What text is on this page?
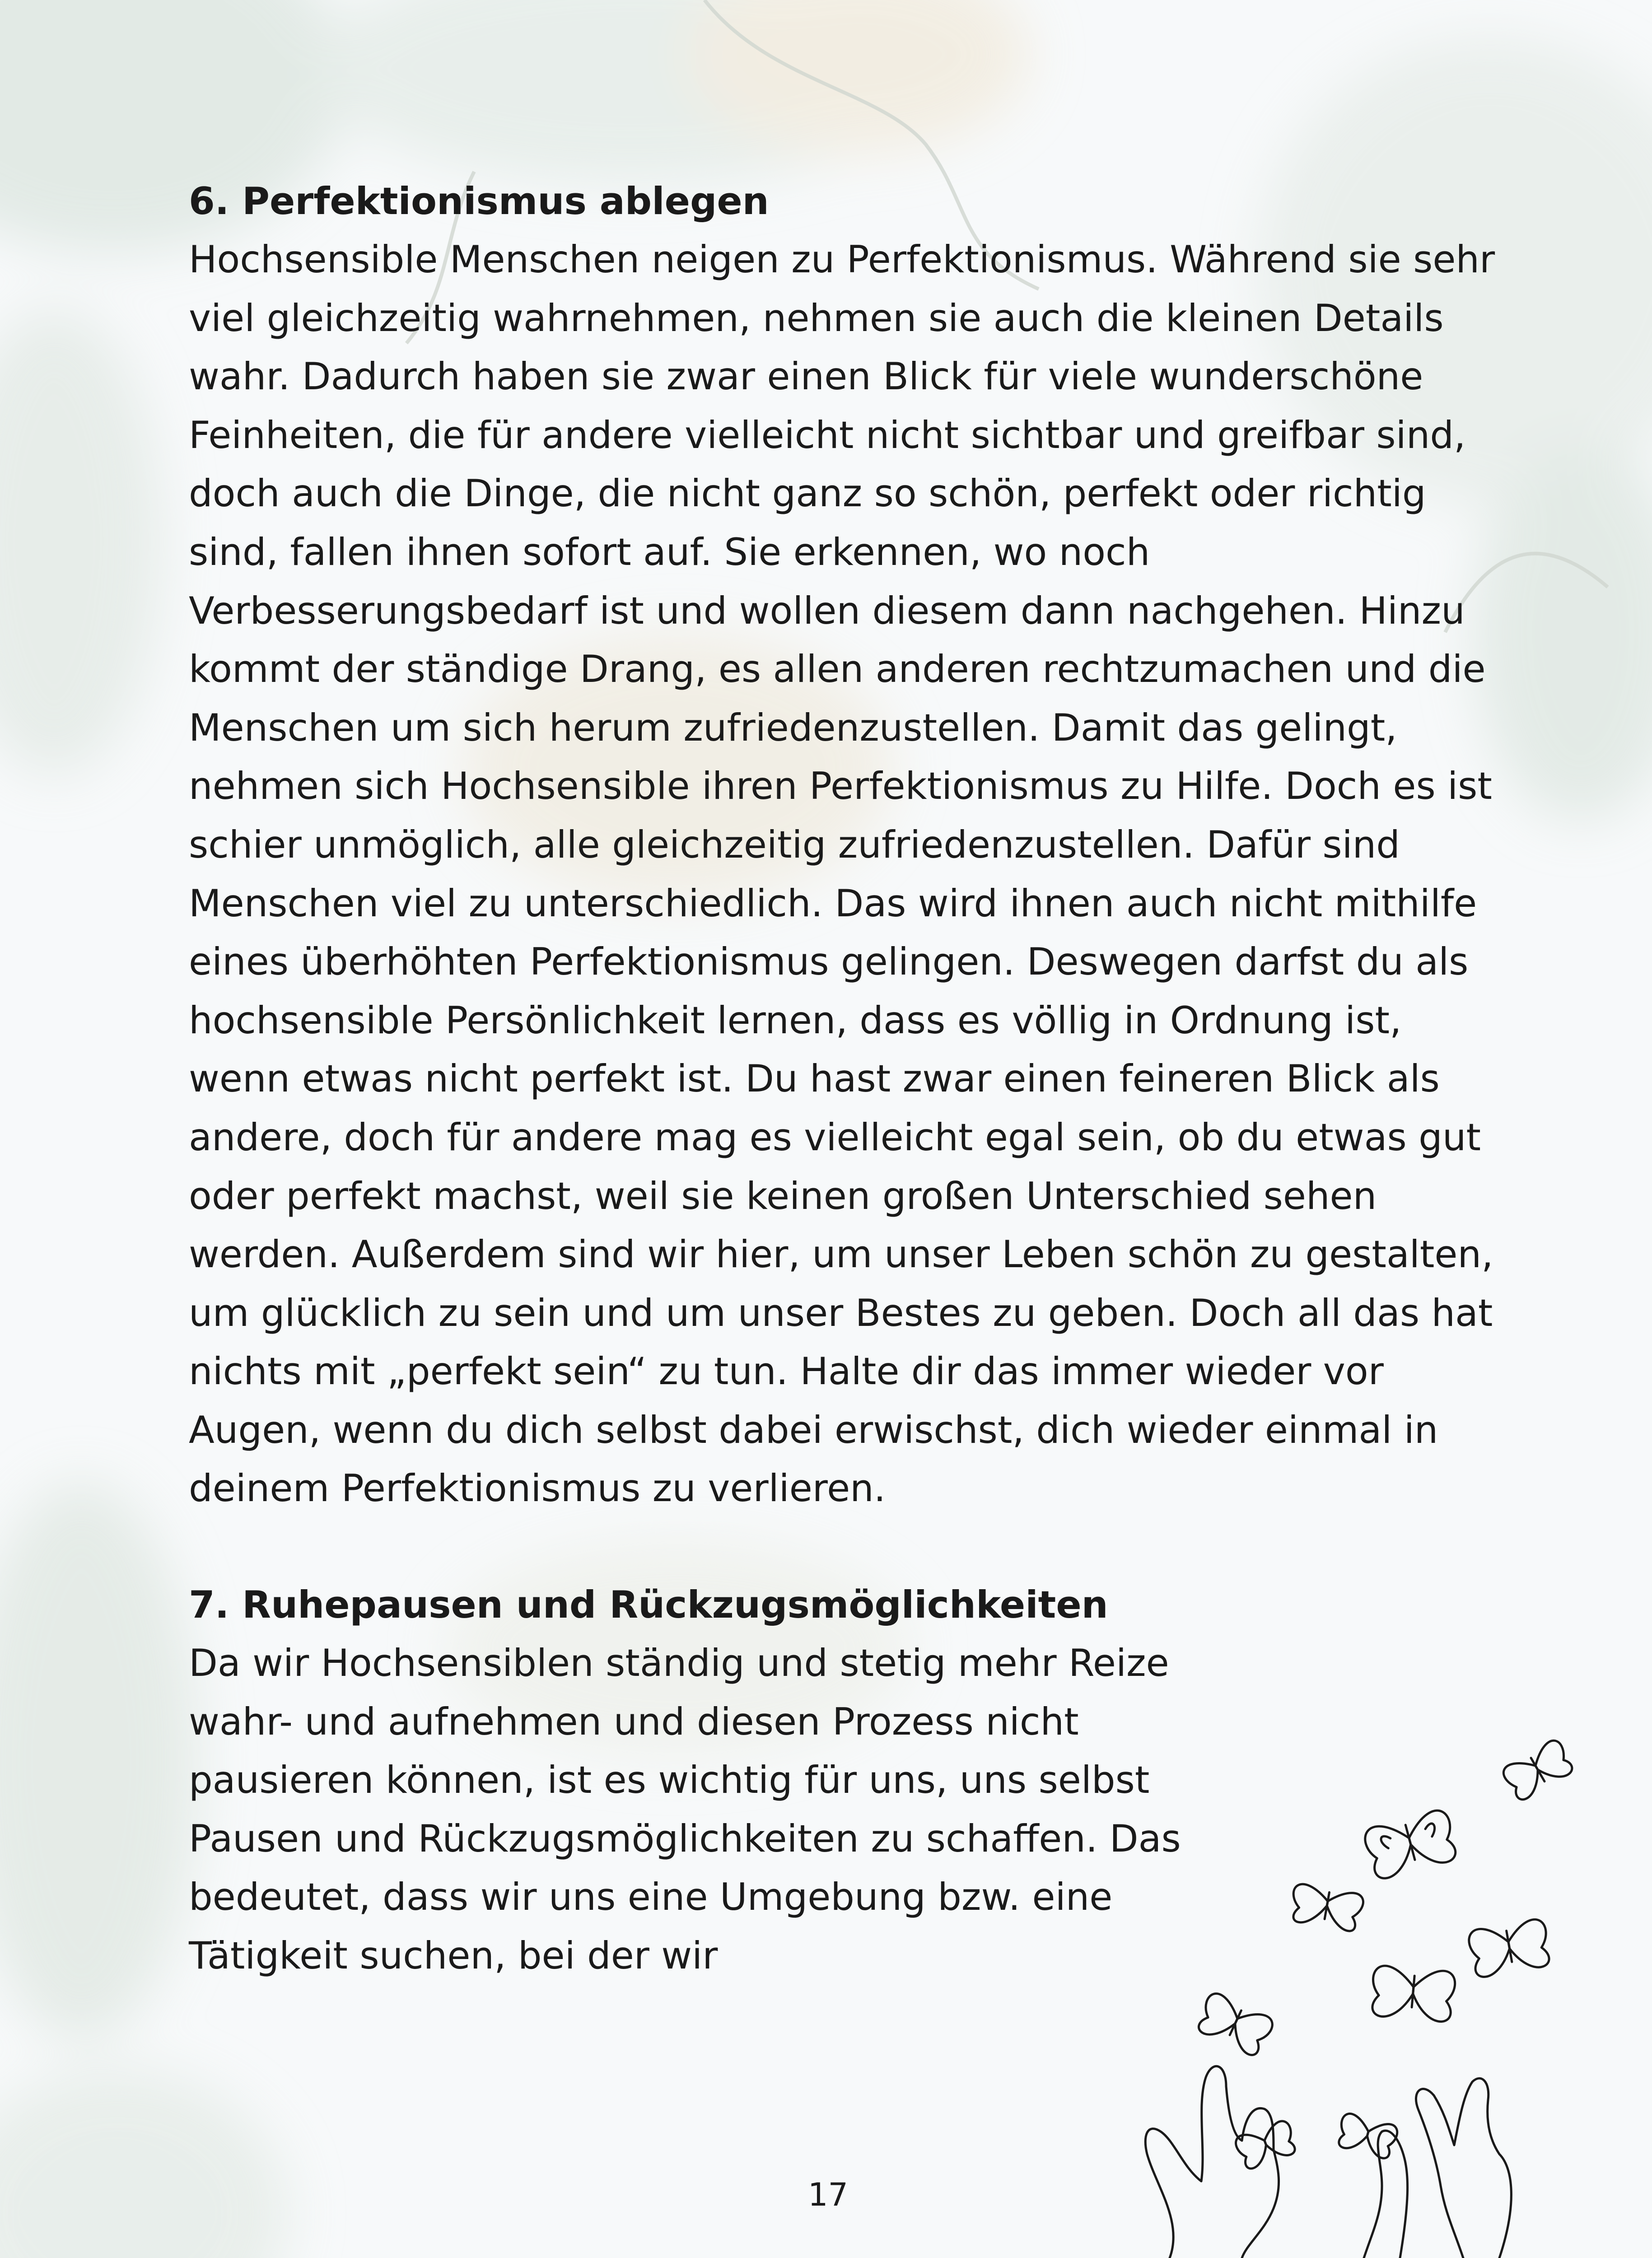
6. Perfektionismus ablegen

Hochsensible Menschen neigen zu Perfektionismus. Während sie sehr viel gleichzeitig wahrnehmen, nehmen sie auch die kleinen Details wahr. Dadurch haben sie zwar einen Blick für viele wunderschöne Feinheiten, die für andere vielleicht nicht sichtbar und greifbar sind, doch auch die Dinge, die nicht ganz so schön, perfekt oder richtig sind, fallen ihnen sofort auf. Sie erkennen, wo noch Verbesserungsbedarf ist und wollen diesem dann nachgehen. Hinzu kommt der ständige Drang, es allen anderen rechtzumachen und die Menschen um sich herum zufriedenzustellen. Damit das gelingt, nehmen sich Hochsensible ihren Perfektionismus zu Hilfe. Doch es ist schier unmöglich, alle gleichzeitig zufriedenzustellen. Dafür sind Menschen viel zu unterschiedlich. Das wird ihnen auch nicht mithilfe eines überhöhten Perfektionismus gelingen. Deswegen darfst du als hochsensible Persönlichkeit lernen, dass es völlig in Ordnung ist, wenn etwas nicht perfekt ist. Du hast zwar einen feineren Blick als andere, doch für andere mag es vielleicht egal sein, ob du etwas gut oder perfekt machst, weil sie keinen großen Unterschied sehen werden. Außerdem sind wir hier, um unser Leben schön zu gestalten, um glücklich zu sein und um unser Bestes zu geben. Doch all das hat nichts mit „perfekt sein“ zu tun. Halte dir das immer wieder vor Augen, wenn du dich selbst dabei erwischst, dich wieder einmal in deinem Perfektionismus zu verlieren.

7. Ruhepausen und Rückzugsmöglichkeiten

Da wir Hochsensiblen ständig und stetig mehr Reize wahr- und aufnehmen und diesen Prozess nicht pausieren können, ist es wichtig für uns, uns selbst Pausen und Rückzugsmöglichkeiten zu schaffen. Das bedeutet, dass wir uns eine Umgebung bzw. eine Tätigkeit suchen, bei der wir

17
